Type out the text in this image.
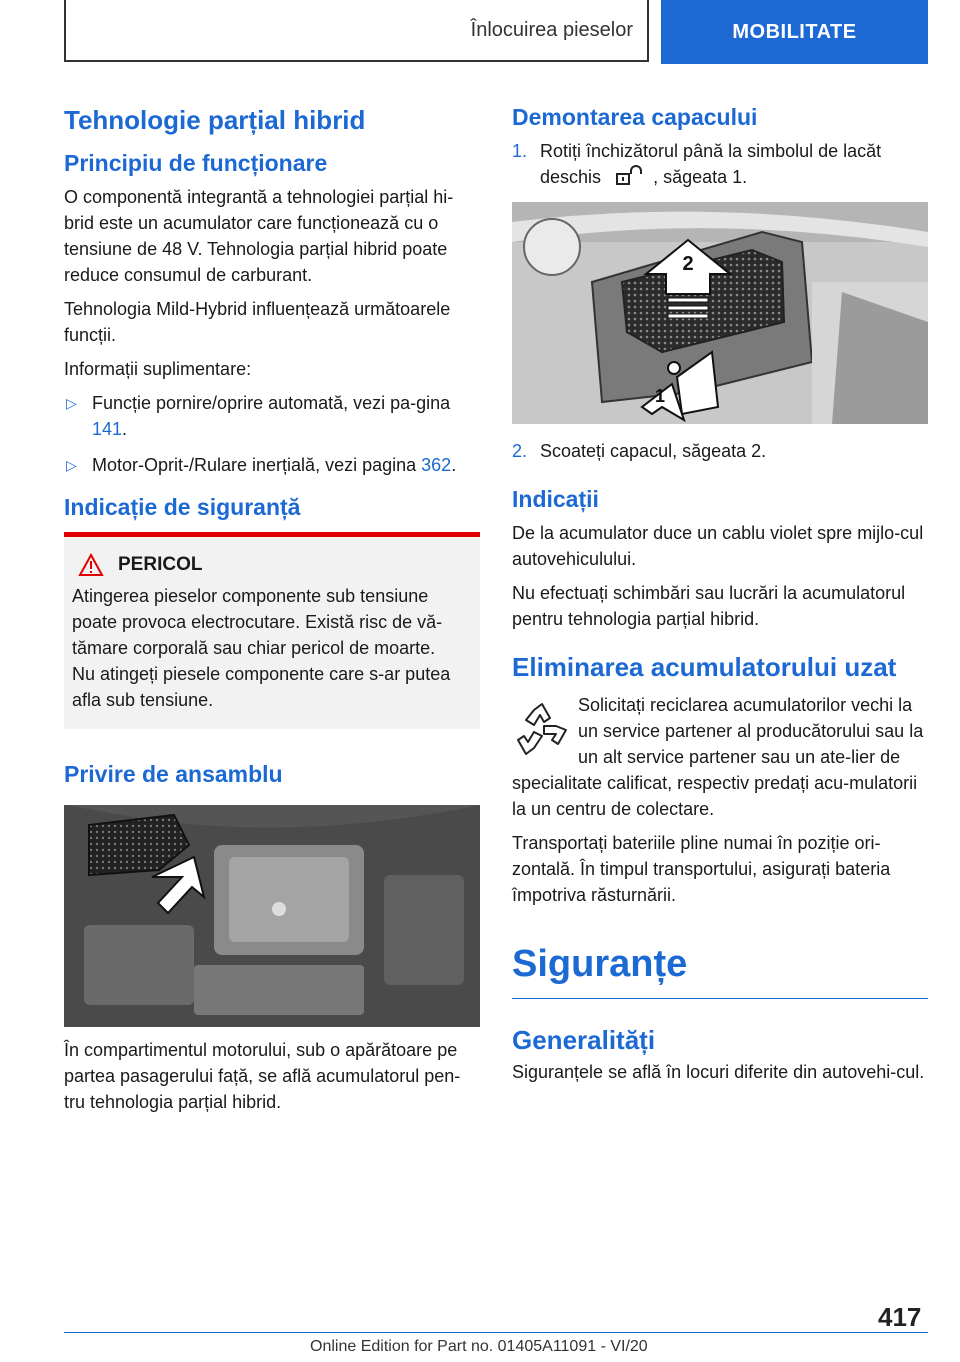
Înlocuirea pieselor	MOBILITATE
Tehnologie parțial hibrid
Principiu de funcționare

O componentă integrantă a tehnologiei parțial hi‐brid este un acumulator care funcționează cu o tensiune de 48 V. Tehnologia parțial hibrid poate reduce consumul de carburant.

Tehnologia Mild-Hybrid influențează următoarele funcții.

Informații suplimentare:

▷ Funcție pornire/oprire automată, vezi pa‐gina 141.
▷ Motor-Oprit-/Rulare inerțială, vezi pagina 362.
Indicație de siguranță
PERICOL

Atingerea pieselor componente sub tensiune poate provoca electrocutare. Există risc de vă‐tămare corporală sau chiar pericol de moarte.

Nu atingeți piesele componente care s-ar putea afla sub tensiune.

Privire de ansamblu

În compartimentul motorului, sub o apărătoare pe partea pasagerului față, se află acumulatorul pen‐tru tehnologia parțial hibrid.

Demontarea capacului
1. Rotiți închizătorul până la simbolul de lacăt deschis	, săgeata 1.
2
1
2. Scoateți capacul, săgeata 2.
Indicații

De la acumulator duce un cablu violet spre mijlo‐cul autovehiculului.

Nu efectuați schimbări sau lucrări la acumulatorul pentru tehnologia parțial hibrid.

Eliminarea acumulatorului uzat

Solicitați reciclarea acumulatorilor vechi la un service partener al producătorului sau la un alt service partener sau un ate‐lier de specialitate calificat, respectiv predați acu‐mulatorii la un centru de colectare.

Transportați bateriile pline numai în poziție ori‐zontală. În timpul transportului, asigurați bateria împotriva răsturnării.

Siguranțe
Generalități

Siguranțele se află în locuri diferite din autovehi‐cul.

417
Online Edition for Part no. 01405A11091 - VI/20
